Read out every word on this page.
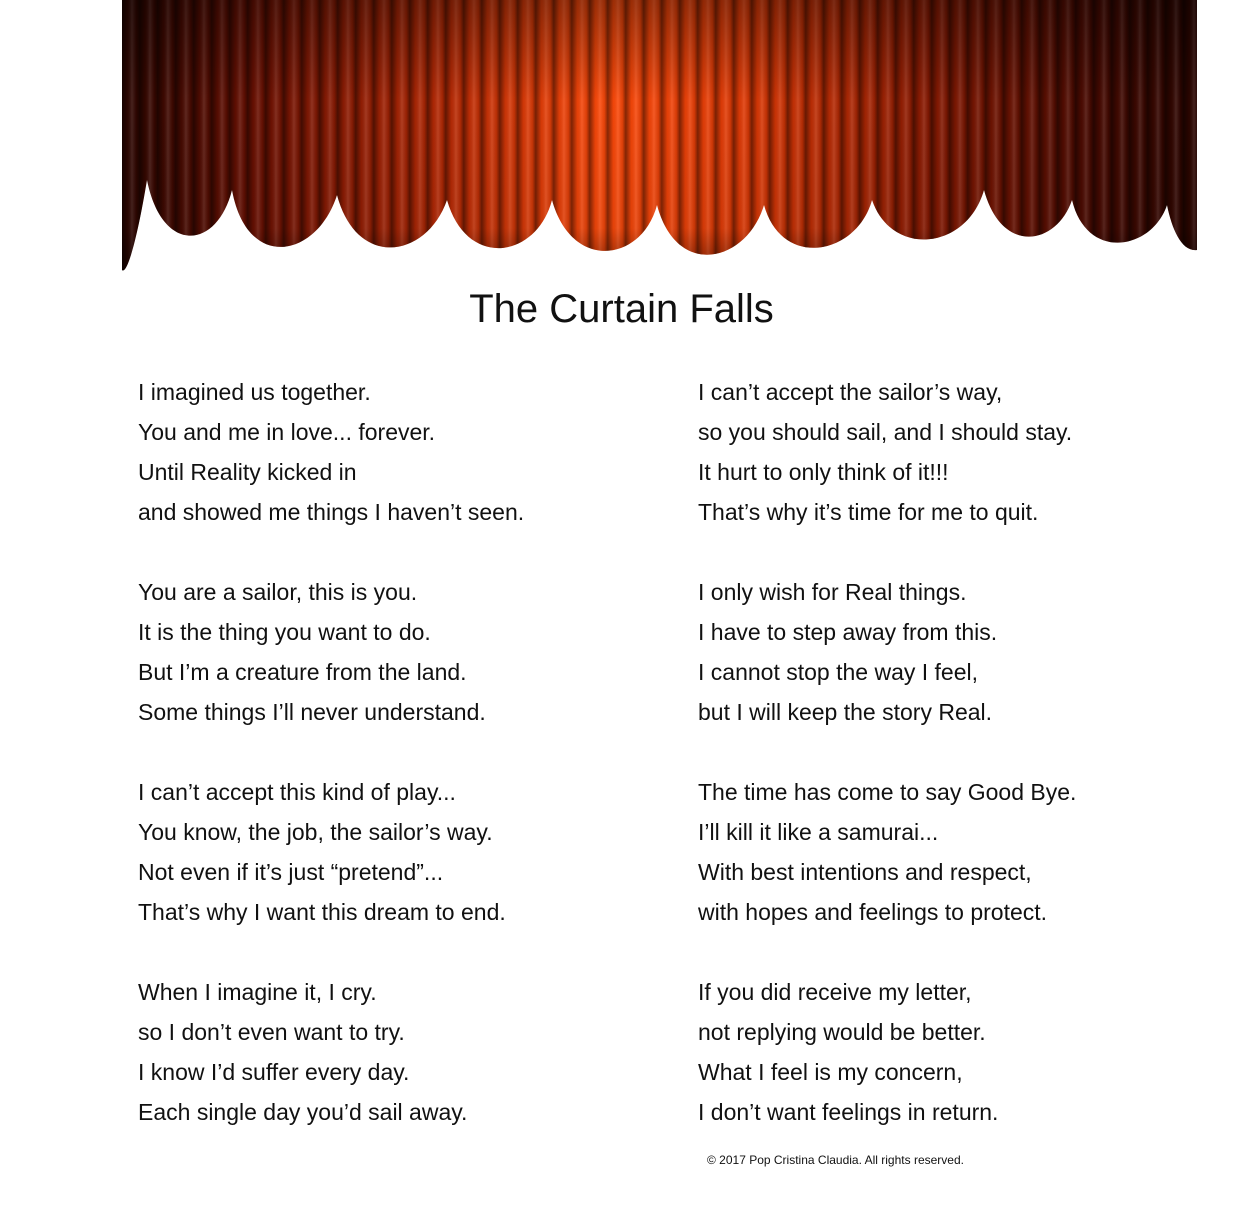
The Curtain Falls
I imagined us together.
You and me in love... forever.
Until Reality kicked in
and showed me things I haven’t seen.
You are a sailor, this is you.
It is the thing you want to do.
But I’m a creature from the land.
Some things I’ll never understand.
I can’t accept this kind of play...
You know, the job, the sailor’s way.
Not even if it’s just “pretend”...
That’s why I want this dream to end.
When I imagine it, I cry.
so I don’t even want to try.
I know I’d suffer every day.
Each single day you’d sail away.
I can’t accept the sailor’s way,
so you should sail, and I should stay.
It hurt to only think of it!!!
That’s why it’s time for me to quit.
I only wish for Real things.
I have to step away from this.
I cannot stop the way I feel,
but I will keep the story Real.
The time has come to say Good Bye.
I’ll kill it like a samurai...
With best intentions and respect,
with hopes and feelings to protect.
If you did receive my letter,
not replying would be better.
What I feel is my concern,
I don’t want feelings in return.
© 2017 Pop Cristina Claudia. All rights reserved.
